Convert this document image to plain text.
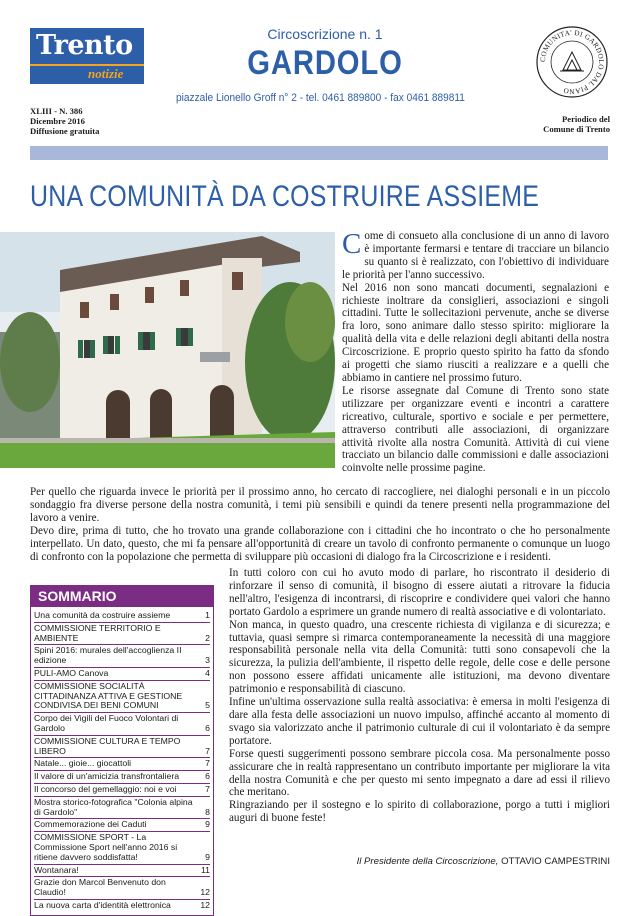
Trento
notizie
XLIII - N. 386
Dicembre 2016
Diffusione gratuita
Circoscrizione n. 1
GARDOLO
piazzale Lionello Groff n° 2 - tel. 0461 889800 - fax 0461 889811
COMUNITA' DI GARDOLO DAL PIANO
Periodico del
Comune di Trento
UNA COMUNITÀ DA COSTRUIRE ASSIEME

Come di consueto alla conclusione di un anno di lavoro è importante fermarsi e tentare di tracciare un bilancio su quanto si è realizzato, con l'obiettivo di individuare le priorità per l'anno successivo.

Nel 2016 non sono mancati documenti, segnalazioni e richieste inoltrare da consiglieri, associazioni e singoli cittadini. Tutte le sollecitazioni pervenute, anche se diverse fra loro, sono animare dallo stesso spirito: migliorare la qualità della vita e delle relazioni degli abitanti della nostra Circoscrizione. E proprio questo spirito ha fatto da sfondo ai progetti che siamo riusciti a realizzare e a quelli che abbiamo in cantiere nel prossimo futuro.

Le risorse assegnate dal Comune di Trento sono state utilizzare per organizzare eventi e incontri a carattere ricreativo, culturale, sportivo e sociale e per permettere, attraverso contributi alle associazioni, di organizzare attività rivolte alla nostra Comunità. Attività di cui viene tracciato un bilancio dalle commissioni e dalle associazioni coinvolte nelle prossime pagine.

Per quello che riguarda invece le priorità per il prossimo anno, ho cercato di raccogliere, nei dialoghi personali e in un piccolo sondaggio fra diverse persone della nostra comunità, i temi più sensibili e quindi da tenere presenti nella programmazione del lavoro a venire.

Devo dire, prima di tutto, che ho trovato una grande collaborazione con i cittadini che ho incontrato o che ho personalmente interpellato. Un dato, questo, che mi fa pensare all'opportunità di creare un tavolo di confronto permanente o comunque un luogo di confronto con la popolazione che permetta di sviluppare più occasioni di dialogo fra la Circoscrizione e i residenti.

SOMMARIO
Una comunità da costruire assieme	1
COMMISSIONE TERRITORIO E AMBIENTE	2
Spini 2016: murales dell'accoglienza II edizione	3
PULI-AMO Canova	4
COMMISSIONE SOCIALITÀ CITTADINANZA ATTIVA E GESTIONE CONDIVISA DEI BENI COMUNI	5
Corpo dei Vigili del Fuoco Volontari di Gardolo	6
COMMISSIONE CULTURA E TEMPO LIBERO	7
Natale... gioie... giocattoli	7
Il valore di un'amicizia transfrontaliera	6
Il concorso del gemellaggio: noi e voi	7
Mostra storico-fotografica "Colonia alpina di Gardolo"	8
Commemorazione dei Caduti	9
COMMISSIONE SPORT - La Commissione Sport nell'anno 2016 si ritiene davvero soddisfatta!	9
Wontanara!	11
Grazie don Marcol Benvenuto don Claudio!	12
La nuova carta d'identità elettronica	12

In tutti coloro con cui ho avuto modo di parlare, ho riscontrato il desiderio di rinforzare il senso di comunità, il bisogno di essere aiutati a ritrovare la fiducia nell'altro, l'esigenza di incontrarsi, di riscoprire e condividere quei valori che hanno portato Gardolo a esprimere un grande numero di realtà associative e di volontariato.

Non manca, in questo quadro, una crescente richiesta di vigilanza e di sicurezza; e tuttavia, quasi sempre si rimarca contemporaneamente la necessità di una maggiore responsabilità personale nella vita della Comunità: tutti sono consapevoli che la sicurezza, la pulizia dell'ambiente, il rispetto delle regole, delle cose e delle persone non possono essere affidati unicamente alle istituzioni, ma devono diventare patrimonio e responsabilità di ciascuno.

Infine un'ultima osservazione sulla realtà associativa: è emersa in molti l'esigenza di dare alla festa delle associazioni un nuovo impulso, affinché accanto al momento di svago sia valorizzato anche il patrimonio culturale di cui il volontariato è da sempre portatore.

Forse questi suggerimenti possono sembrare piccola cosa. Ma personalmente posso assicurare che in realtà rappresentano un contributo importante per migliorare la vita della nostra Comunità e che per questo mi sento impegnato a dare ad essi il rilievo che meritano.

Ringraziando per il sostegno e lo spirito di collaborazione, porgo a tutti i migliori auguri di buone feste!

Il Presidente della Circoscrizione, OTTAVIO CAMPESTRINI
